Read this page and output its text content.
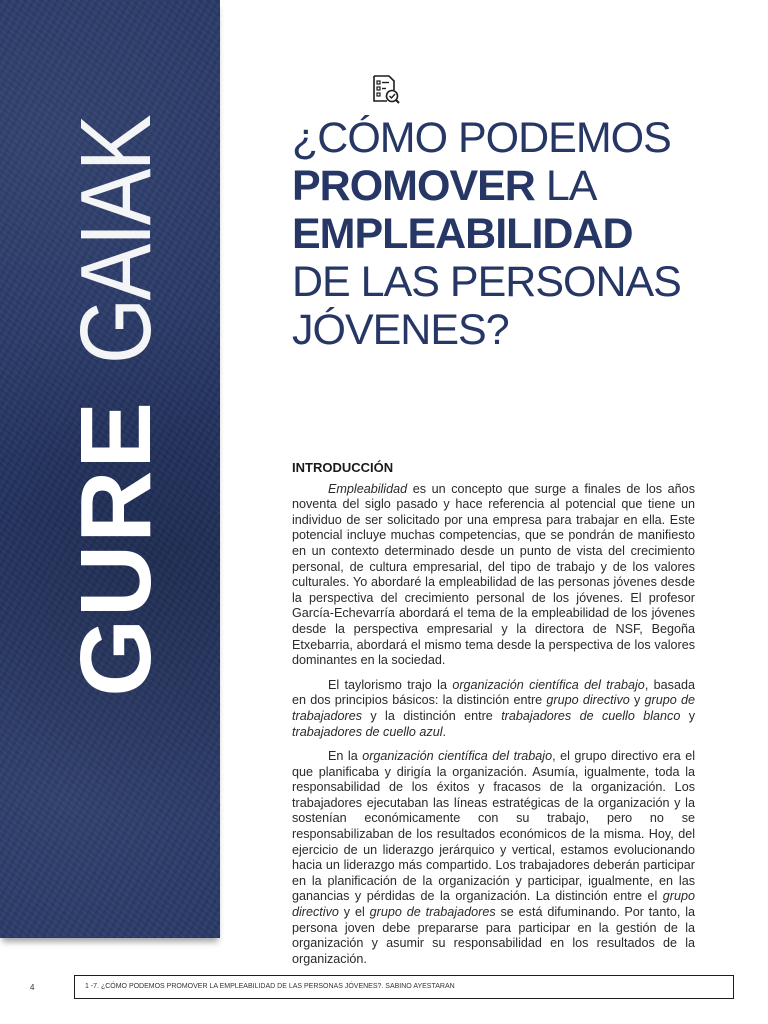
GUREGAIAK	¿CÓMO PODEMOS
PROMOVER LA
EMPLEABILIDAD
DE LAS PERSONAS
JÓVENES?
INTRODUCCIÓN

Empleabilidad es un concepto que surge a finales de los años noventa del siglo pasado y hace referencia al potencial que tiene un individuo de ser solicitado por una empresa para trabajar en ella. Este potencial incluye muchas competencias, que se pondrán de manifiesto en un contexto determinado desde un punto de vista del crecimiento personal, de cultura empresarial, del tipo de trabajo y de los valores culturales. Yo abordaré la empleabilidad de las personas jóvenes desde la perspectiva del crecimiento personal de los jóvenes. El profesor García-Echevarría abordará el tema de la empleabilidad de los jóvenes desde la perspectiva empresarial y la directora de NSF, Begoña Etxebarria, abordará el mismo tema desde la perspectiva de los valores dominantes en la sociedad.

El taylorismo trajo la organización científica del trabajo, basada en dos principios básicos: la distinción entre grupo directivo y grupo de trabajadores y la distinción entre trabajadores de cuello blanco y trabajadores de cuello azul.

En la organización científica del trabajo, el grupo directivo era el que planificaba y dirigía la organización. Asumía, igualmente, toda la responsabilidad de los éxitos y fracasos de la organización. Los trabajadores ejecutaban las líneas estratégicas de la organización y la sostenían económicamente con su trabajo, pero no se responsabilizaban de los resultados económicos de la misma. Hoy, del ejercicio de un liderazgo jerárquico y vertical, estamos evolucionando hacia un liderazgo más compartido. Los trabajadores deberán participar en la planificación de la organización y participar, igualmente, en las ganancias y pérdidas de la organización. La distinción entre el grupo directivo y el grupo de trabajadores se está difuminando. Por tanto, la persona joven debe prepararse para participar en la gestión de la organización y asumir su responsabilidad en los resultados de la organización.

4	1 -7. ¿CÓMO PODEMOS PROMOVER LA EMPLEABILIDAD DE LAS PERSONAS JÓVENES?. SABINO AYESTARAN
